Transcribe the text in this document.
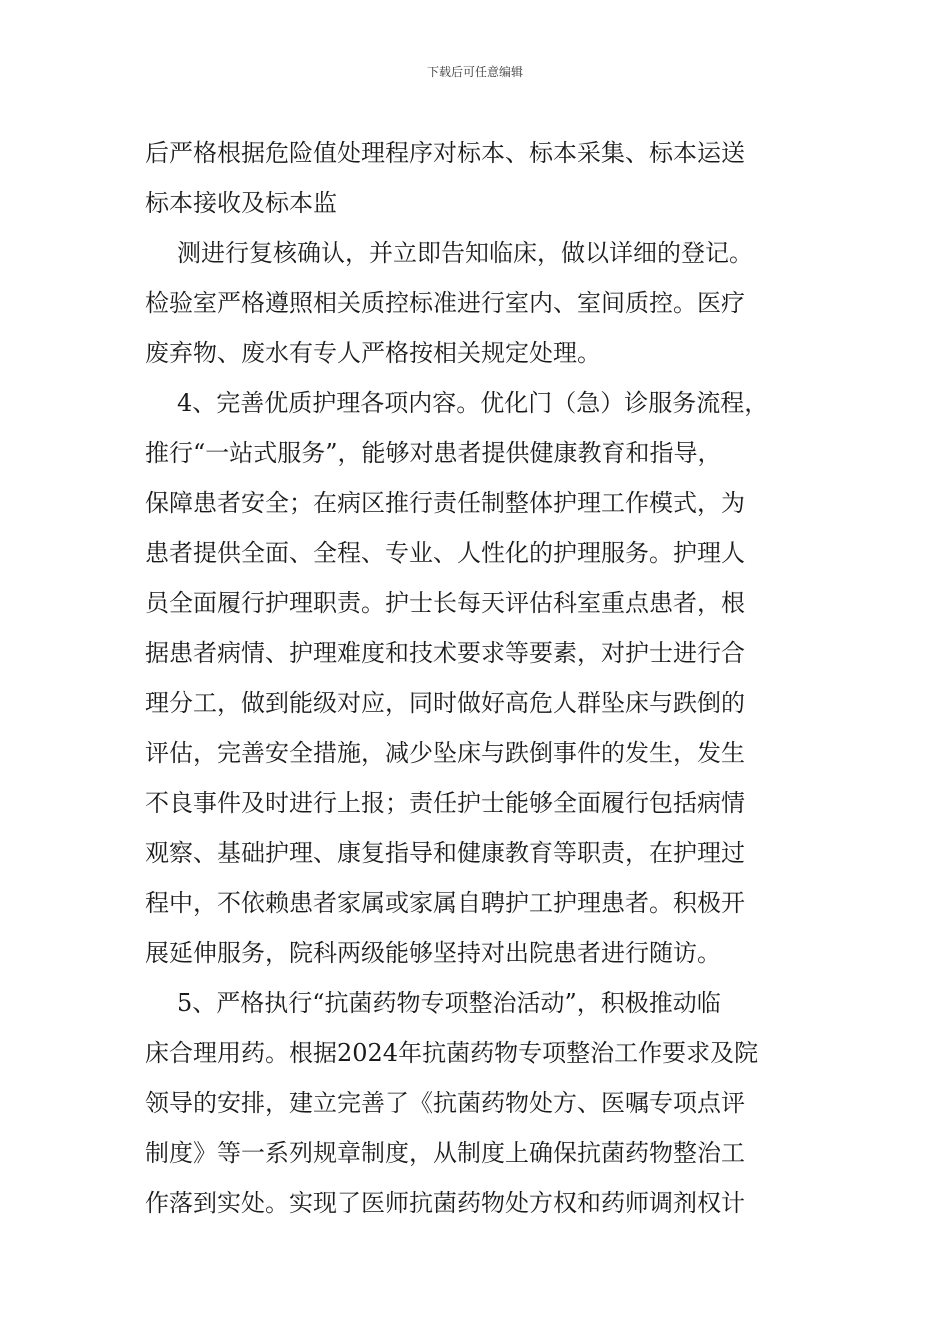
下载后可任意编辑
后严格根据危险值处理程序对标本、标本采集、标本运送
标本接收及标本监
测进行复核确认，并立即告知临床，做以详细的登记。
检验室严格遵照相关质控标准进行室内、室间质控。医疗
废弃物、废水有专人严格按相关规定处理。
4、完善优质护理各项内容。优化门（急）诊服务流程，
推行“一站式服务”，能够对患者提供健康教育和指导，
保障患者安全；在病区推行责任制整体护理工作模式，为
患者提供全面、全程、专业、人性化的护理服务。护理人
员全面履行护理职责。护士长每天评估科室重点患者，根
据患者病情、护理难度和技术要求等要素，对护士进行合
理分工，做到能级对应，同时做好高危人群坠床与跌倒的
评估，完善安全措施，减少坠床与跌倒事件的发生，发生
不良事件及时进行上报；责任护士能够全面履行包括病情
观察、基础护理、康复指导和健康教育等职责，在护理过
程中，不依赖患者家属或家属自聘护工护理患者。积极开
展延伸服务，院科两级能够坚持对出院患者进行随访。
5、严格执行“抗菌药物专项整治活动”，积极推动临
床合理用药。根据2024年抗菌药物专项整治工作要求及院
领导的安排，建立完善了《抗菌药物处方、医嘱专项点评
制度》等一系列规章制度，从制度上确保抗菌药物整治工
作落到实处。实现了医师抗菌药物处方权和药师调剂权计
